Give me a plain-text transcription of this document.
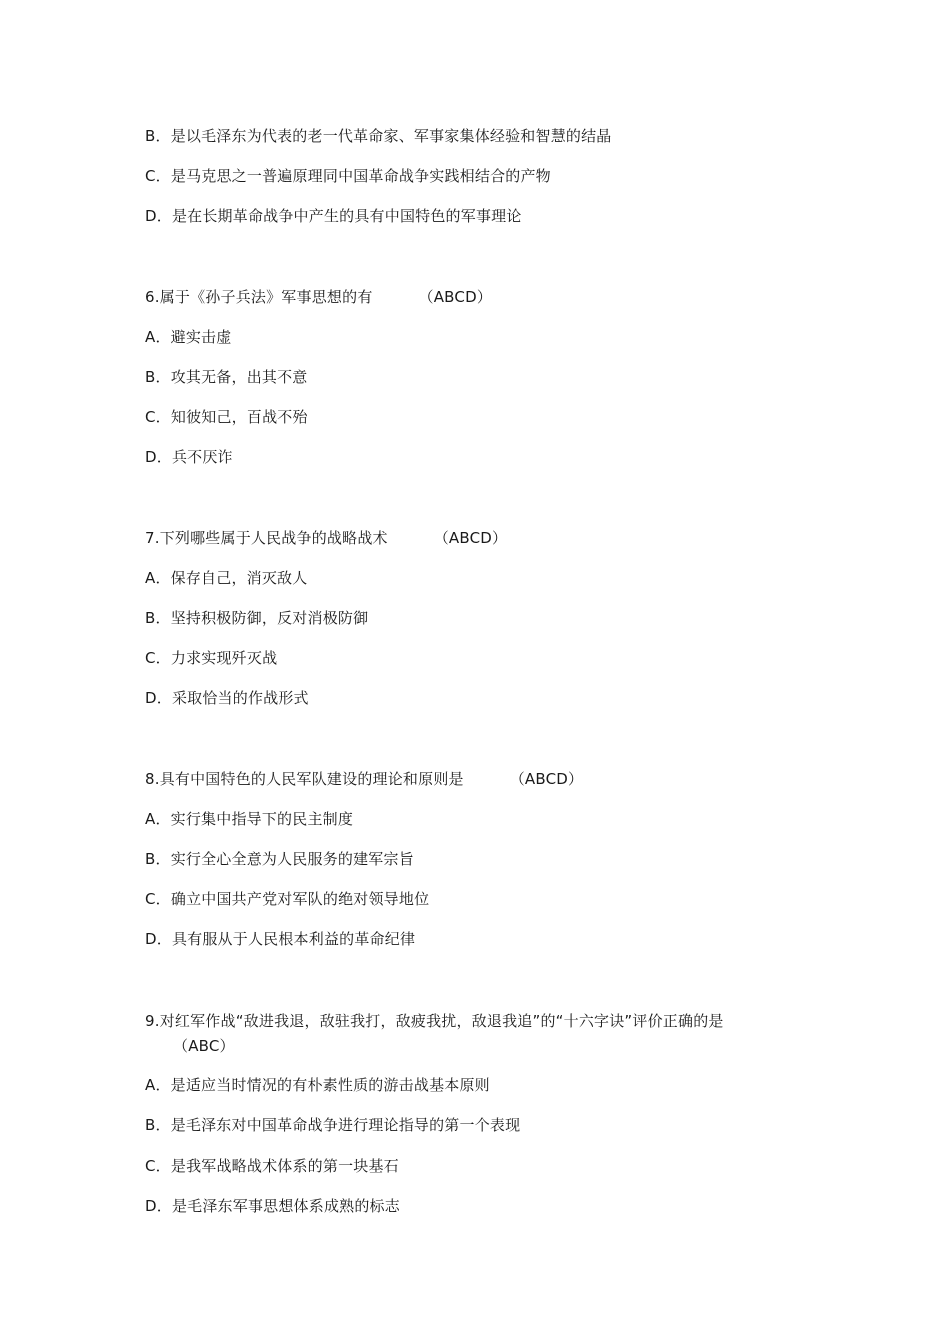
B．是以毛泽东为代表的老一代革命家、军事家集体经验和智慧的结晶
C．是马克思之一普遍原理同中国革命战争实践相结合的产物
D．是在长期革命战争中产生的具有中国特色的军事理论
6.属于《孙子兵法》军事思想的有	（ABCD）
A．避实击虚
B．攻其无备，出其不意
C．知彼知己，百战不殆
D．兵不厌诈
7.下列哪些属于人民战争的战略战术	（ABCD）
A．保存自己，消灭敌人
B．坚持积极防御，反对消极防御
C．力求实现歼灭战
D．采取恰当的作战形式
8.具有中国特色的人民军队建设的理论和原则是	（ABCD）
A．实行集中指导下的民主制度
B．实行全心全意为人民服务的建军宗旨
C．确立中国共产党对军队的绝对领导地位
D．具有服从于人民根本利益的革命纪律
9.对红军作战“敌进我退，敌驻我打，敌疲我扰，敌退我追”的“十六字诀”评价正确的是
（ABC）
A．是适应当时情况的有朴素性质的游击战基本原则
B．是毛泽东对中国革命战争进行理论指导的第一个表现
C．是我军战略战术体系的第一块基石
D．是毛泽东军事思想体系成熟的标志
